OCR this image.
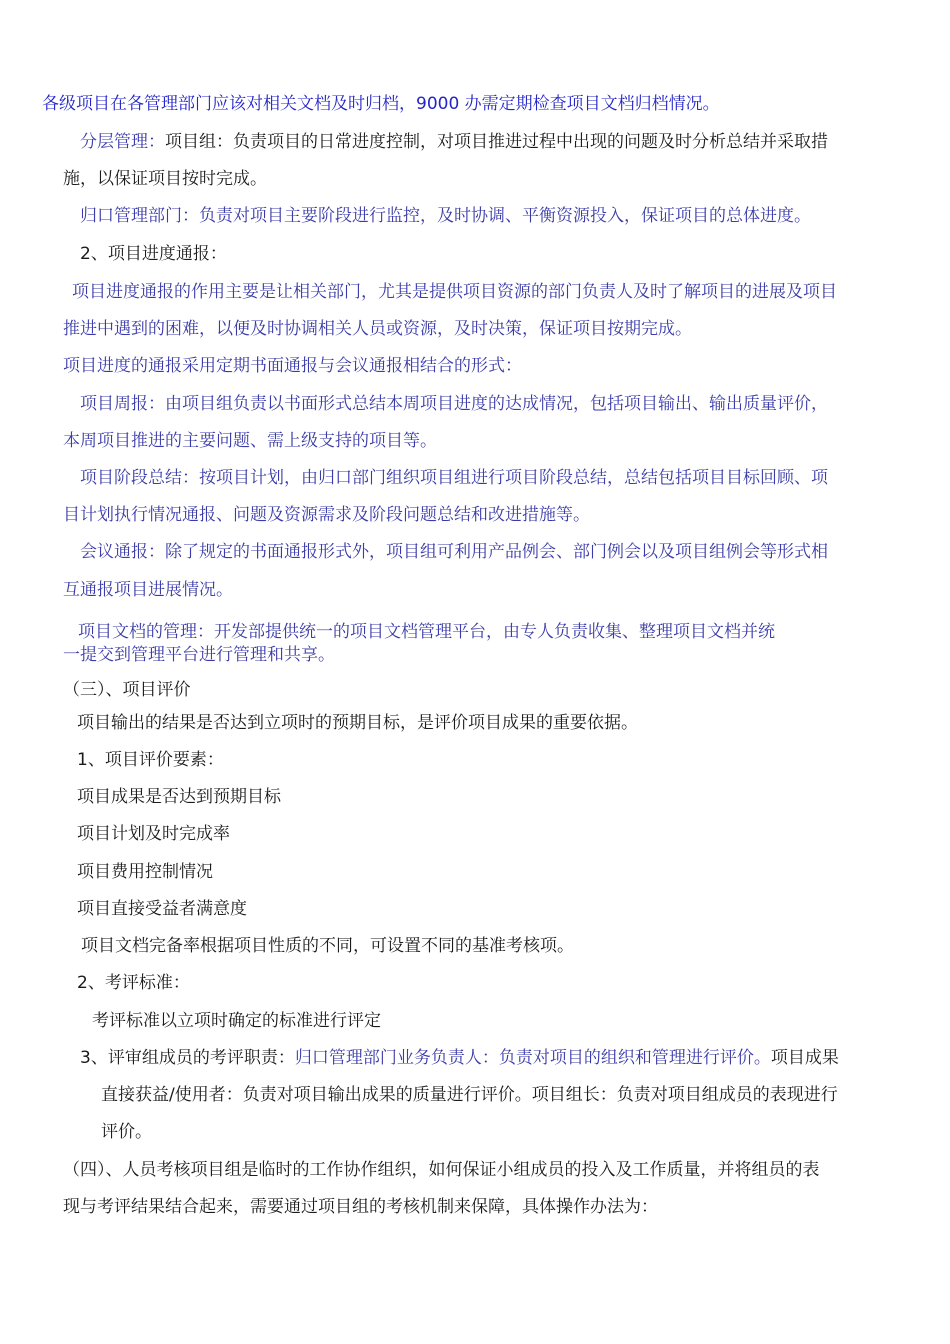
各级项目在各管理部门应该对相关文档及时归档，9000 办需定期检查项目文档归档情况。
分层管理：项目组：负责项目的日常进度控制，对项目推进过程中出现的问题及时分析总结并采取措
施，以保证项目按时完成。
归口管理部门：负责对项目主要阶段进行监控，及时协调、平衡资源投入，保证项目的总体进度。
2、项目进度通报：
项目进度通报的作用主要是让相关部门，尤其是提供项目资源的部门负责人及时了解项目的进展及项目
推进中遇到的困难，以便及时协调相关人员或资源，及时决策，保证项目按期完成。
项目进度的通报采用定期书面通报与会议通报相结合的形式：
项目周报：由项目组负责以书面形式总结本周项目进度的达成情况，包括项目输出、输出质量评价，
本周项目推进的主要问题、需上级支持的项目等。
项目阶段总结：按项目计划，由归口部门组织项目组进行项目阶段总结，总结包括项目目标回顾、项
目计划执行情况通报、问题及资源需求及阶段问题总结和改进措施等。
会议通报：除了规定的书面通报形式外，项目组可利用产品例会、部门例会以及项目组例会等形式相
互通报项目进展情况。
项目文档的管理：开发部提供统一的项目文档管理平台，由专人负责收集、整理项目文档并统
一提交到管理平台进行管理和共享。
（三）、项目评价
项目输出的结果是否达到立项时的预期目标，是评价项目成果的重要依据。
1、项目评价要素：
项目成果是否达到预期目标
项目计划及时完成率
项目费用控制情况
项目直接受益者满意度
项目文档完备率根据项目性质的不同，可设置不同的基准考核项。
2、考评标准：
考评标准以立项时确定的标准进行评定
3、评审组成员的考评职责：归口管理部门业务负责人：负责对项目的组织和管理进行评价。项目成果
直接获益/使用者：负责对项目输出成果的质量进行评价。项目组长：负责对项目组成员的表现进行
评价。
（四）、人员考核项目组是临时的工作协作组织，如何保证小组成员的投入及工作质量，并将组员的表
现与考评结果结合起来，需要通过项目组的考核机制来保障，具体操作办法为：
